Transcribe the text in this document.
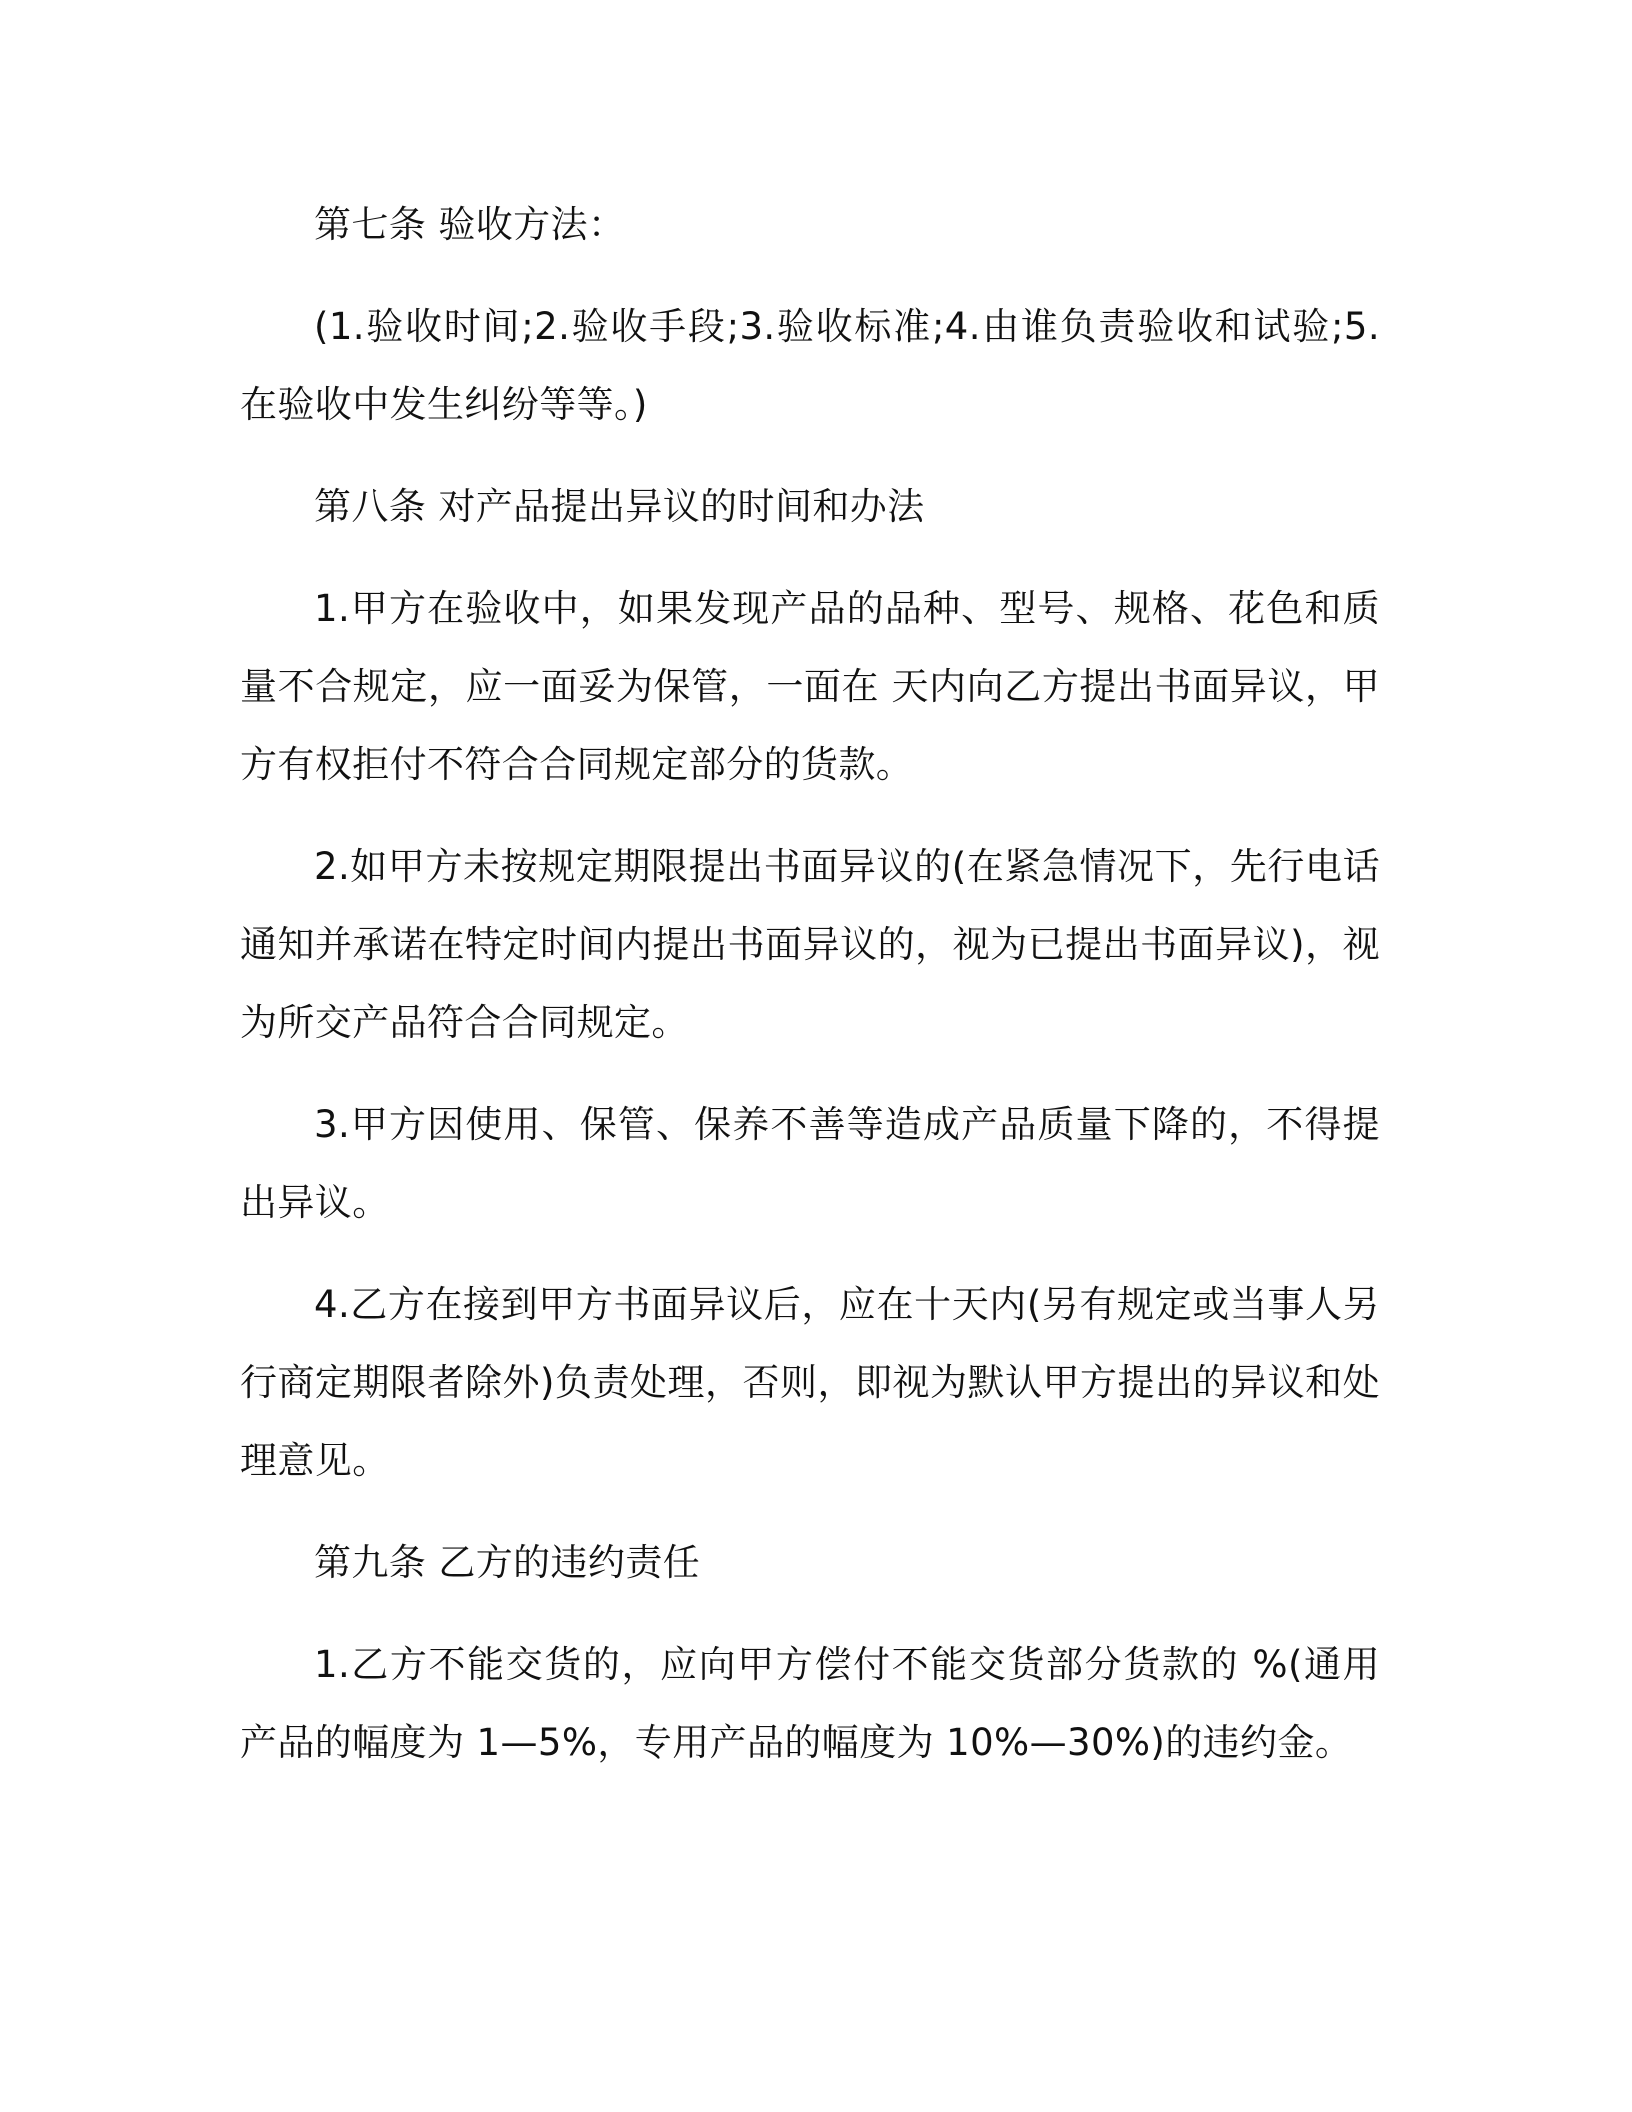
第七条 验收方法：

(1.验收时间;2.验收手段;3.验收标准;4.由谁负责验收和试验;5.在验收中发生纠纷等等。)

第八条 对产品提出异议的时间和办法

1.甲方在验收中，如果发现产品的品种、型号、规格、花色和质量不合规定，应一面妥为保管，一面在 天内向乙方提出书面异议，甲方有权拒付不符合合同规定部分的货款。

2.如甲方未按规定期限提出书面异议的(在紧急情况下，先行电话通知并承诺在特定时间内提出书面异议的，视为已提出书面异议)，视为所交产品符合合同规定。

3.甲方因使用、保管、保养不善等造成产品质量下降的，不得提出异议。

4.乙方在接到甲方书面异议后，应在十天内(另有规定或当事人另行商定期限者除外)负责处理，否则，即视为默认甲方提出的异议和处理意见。

第九条 乙方的违约责任

1.乙方不能交货的，应向甲方偿付不能交货部分货款的 %(通用产品的幅度为 1—5%，专用产品的幅度为 10%—30%)的违约金。
